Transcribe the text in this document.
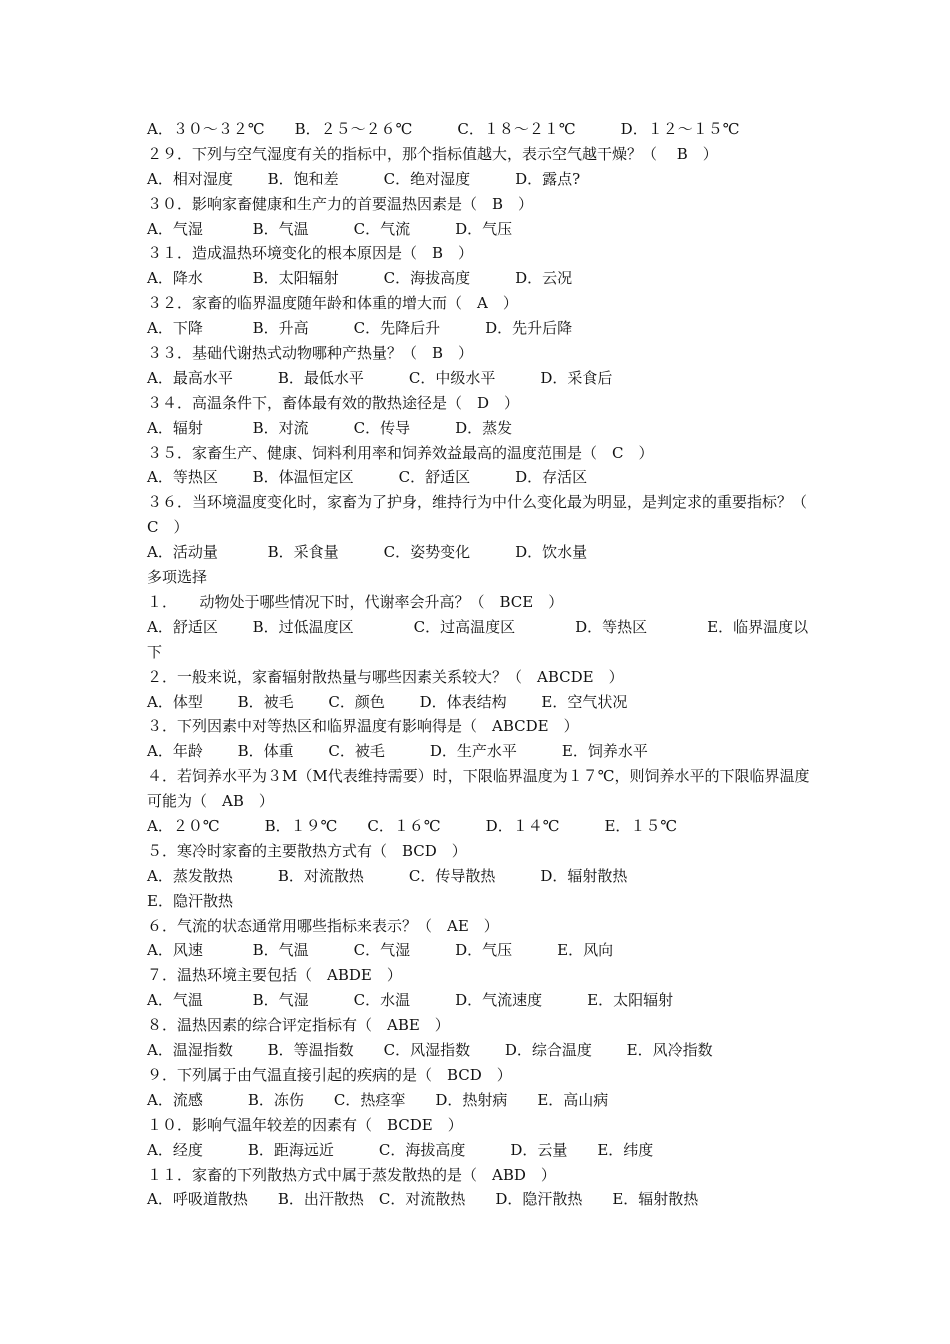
A．３０～３２℃　　B．２５～２６℃　　　C．１８～２１℃　　　D．１２～１５℃
２９．下列与空气湿度有关的指标中，那个指标值越大，表示空气越干燥？（　 B　）
A．相对湿度　　 B．饱和差　　　C．绝对湿度　　　D．露点?
３０．影响家畜健康和生产力的首要温热因素是（　B　）
A．气湿　　　 B．气温　　　C．气流　　　D．气压
３１．造成温热环境变化的根本原因是（　B　）
A．降水　　　 B．太阳辐射　　　C．海拔高度　　　D．云况
３２．家畜的临界温度随年龄和体重的增大而（　A　）
A．下降　　　 B．升高　　　C．先降后升　　　D．先升后降
３３．基础代谢热式动物哪种产热量？（　B　）
A．最高水平　　　B．最低水平　　　C．中级水平　　　D．采食后
３４．高温条件下，畜体最有效的散热途径是（　D　）
A．辐射　　　 B．对流　　　C．传导　　　D．蒸发
３５．家畜生产、健康、饲料利用率和饲养效益最高的温度范围是（　C　）
A．等热区　　 B．体温恒定区　　　C．舒适区　　　D．存活区
３６．当环境温度变化时，家畜为了护身，维持行为中什么变化最为明显，是判定求的重要指标？（　C　）
A．活动量　　　 B．采食量　　　C．姿势变化　　　D．饮水量
多项选择
１．　　动物处于哪些情况下时，代谢率会升高？（　BCE　）
A．舒适区　　 B．过低温度区　　　　C．过高温度区　　　　D．等热区　　　　E．临界温度以下
２．一般来说，家畜辐射散热量与哪些因素关系较大？（　ABCDE　）
A．体型　　 B．被毛　　 C．颜色　　 D．体表结构　　 E．空气状况
３．下列因素中对等热区和临界温度有影响得是（　ABCDE　）
A．年龄　　 B．体重　　 C．被毛　　　D．生产水平　　　E．饲养水平
４．若饲养水平为３M（M代表维持需要）时，下限临界温度为１７℃，则饲养水平的下限临界温度可能为（　AB　）
A．２０℃　　　B．１９℃　　C．１６℃　　　D．１４℃　　　E．１５℃
５．寒冷时家畜的主要散热方式有（　BCD　）
A．蒸发散热　　　B．对流散热　　　C．传导散热　　　D．辐射散热
E．隐汗散热
６．气流的状态通常用哪些指标来表示？（　AE　）
A．风速　　　 B．气温　　　C．气湿　　　D．气压　　　E．风向
７．温热环境主要包括（　ABDE　）
A．气温　　　 B．气湿　　　C．水温　　　D．气流速度　　　E．太阳辐射
８．温热因素的综合评定指标有（　ABE　）
A．温湿指数　　 B．等温指数　　C．风湿指数　　 D．综合温度　　 E．风冷指数
９．下列属于由气温直接引起的疾病的是（　BCD　）
A．流感　　　B．冻伤　　C．热痉挛　　D．热射病　　E．高山病
１０．影响气温年较差的因素有（　BCDE　）
A．经度　　　B．距海远近　　　C．海拔高度　　　D．云量　　E．纬度
１１．家畜的下列散热方式中属于蒸发散热的是（　ABD　）
A．呼吸道散热　　B．出汗散热　C．对流散热　　D．隐汗散热　　E．辐射散热
